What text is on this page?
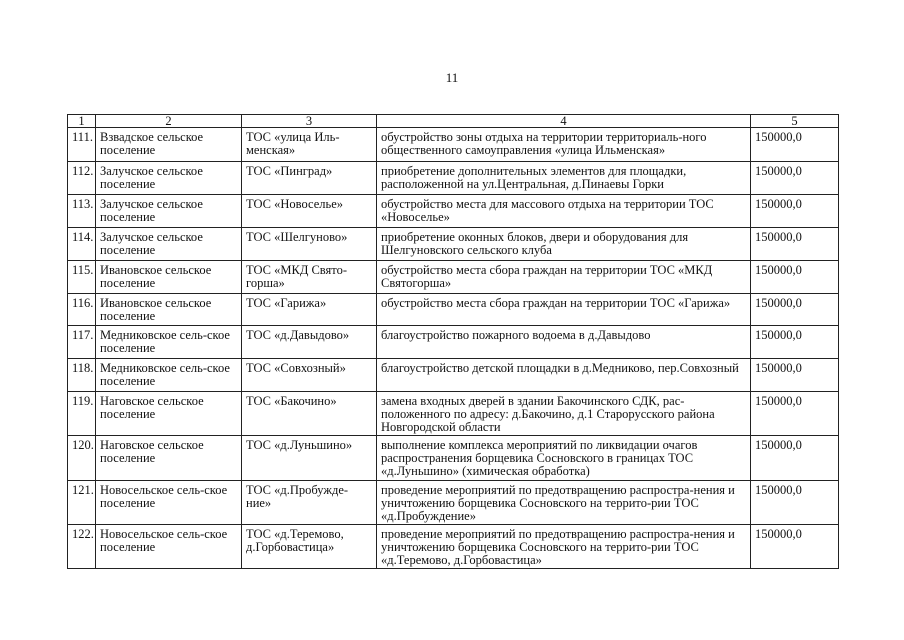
11
1	2	3	4	5
111.	Взвадское сельское поселение	ТОС «улица Иль-менская»	обустройство зоны отдыха на территории территориаль-ного общественного самоуправления «улица Ильменская»	150000,0
112.	Залучское сельское поселение	ТОС «Пинград»	приобретение дополнительных элементов для площадки, расположенной на ул.Центральная, д.Пинаевы Горки	150000,0
113.	Залучское сельское поселение	ТОС «Новоселье»	обустройство места для массового отдыха на территории ТОС «Новоселье»	150000,0
114.	Залучское сельское поселение	ТОС «Шелгуново»	приобретение оконных блоков, двери и оборудования для Шелгуновского сельского клуба	150000,0
115.	Ивановское сельское поселение	ТОС «МКД Свято-горша»	обустройство места сбора граждан на территории ТОС «МКД Святогорша»	150000,0
116.	Ивановское сельское поселение	ТОС «Гарижа»	обустройство места сбора граждан на территории ТОС «Гарижа»	150000,0
117.	Медниковское сель-ское поселение	ТОС «д.Давыдово»	благоустройство пожарного водоема в д.Давыдово	150000,0
118.	Медниковское сель-ское поселение	ТОС «Совхозный»	благоустройство детской площадки в д.Медниково, пер.Совхозный	150000,0
119.	Наговское сельское поселение	ТОС «Бакочино»	замена входных дверей в здании Бакочинского СДК, рас-положенного по адресу: д.Бакочино, д.1 Старорусского района Новгородской области	150000,0
120.	Наговское сельское поселение	ТОС «д.Луньшино»	выполнение комплекса мероприятий по ликвидации очагов распространения борщевика Сосновского в границах ТОС «д.Луньшино» (химическая обработка)	150000,0
121.	Новосельское сель-ское поселение	ТОС «д.Пробужде-ние»	проведение мероприятий по предотвращению распростра-нения и уничтожению борщевика Сосновского на террито-рии ТОС «д.Пробуждение»	150000,0
122.	Новосельское сель-ское поселение	ТОС «д.Теремово, д.Горбовастица»	проведение мероприятий по предотвращению распростра-нения и уничтожению борщевика Сосновского на террито-рии ТОС «д.Теремово, д.Горбовастица»	150000,0
